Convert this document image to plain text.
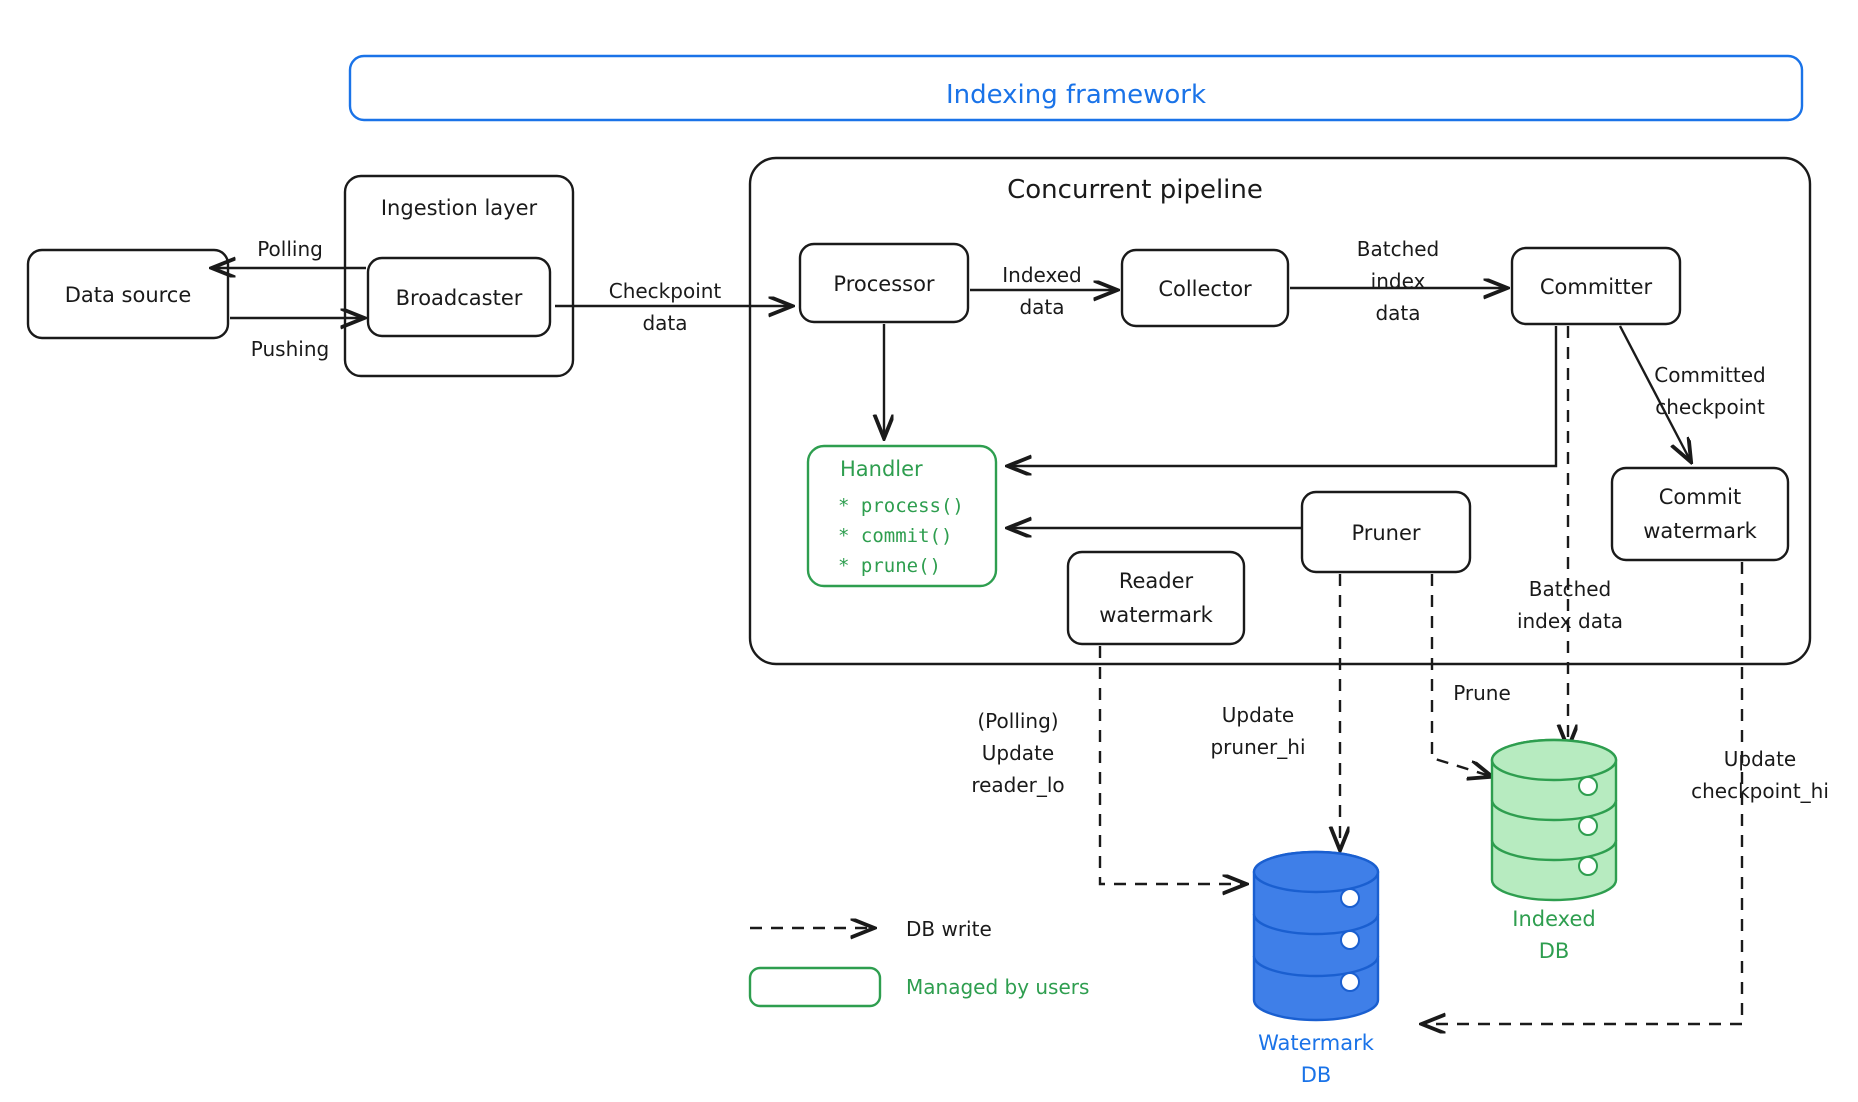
Indexing framework
Ingestion layer
Concurrent pipeline
Data source	Broadcaster
Polling
Pushing
Checkpoint
data
Processor	Indexed
data
Collector
Batched
index
data
Committer
Handler
* process()
* commit()
* prune()
Pruner
Reader
watermark
Committed
checkpoint
Commit
watermark
(Polling)
Update
reader_lo
Update
pruner_hi
Prune
Batched
index data
Update
checkpoint_hi
Indexed
DB
Watermark
DB
DB write
Managed by users
